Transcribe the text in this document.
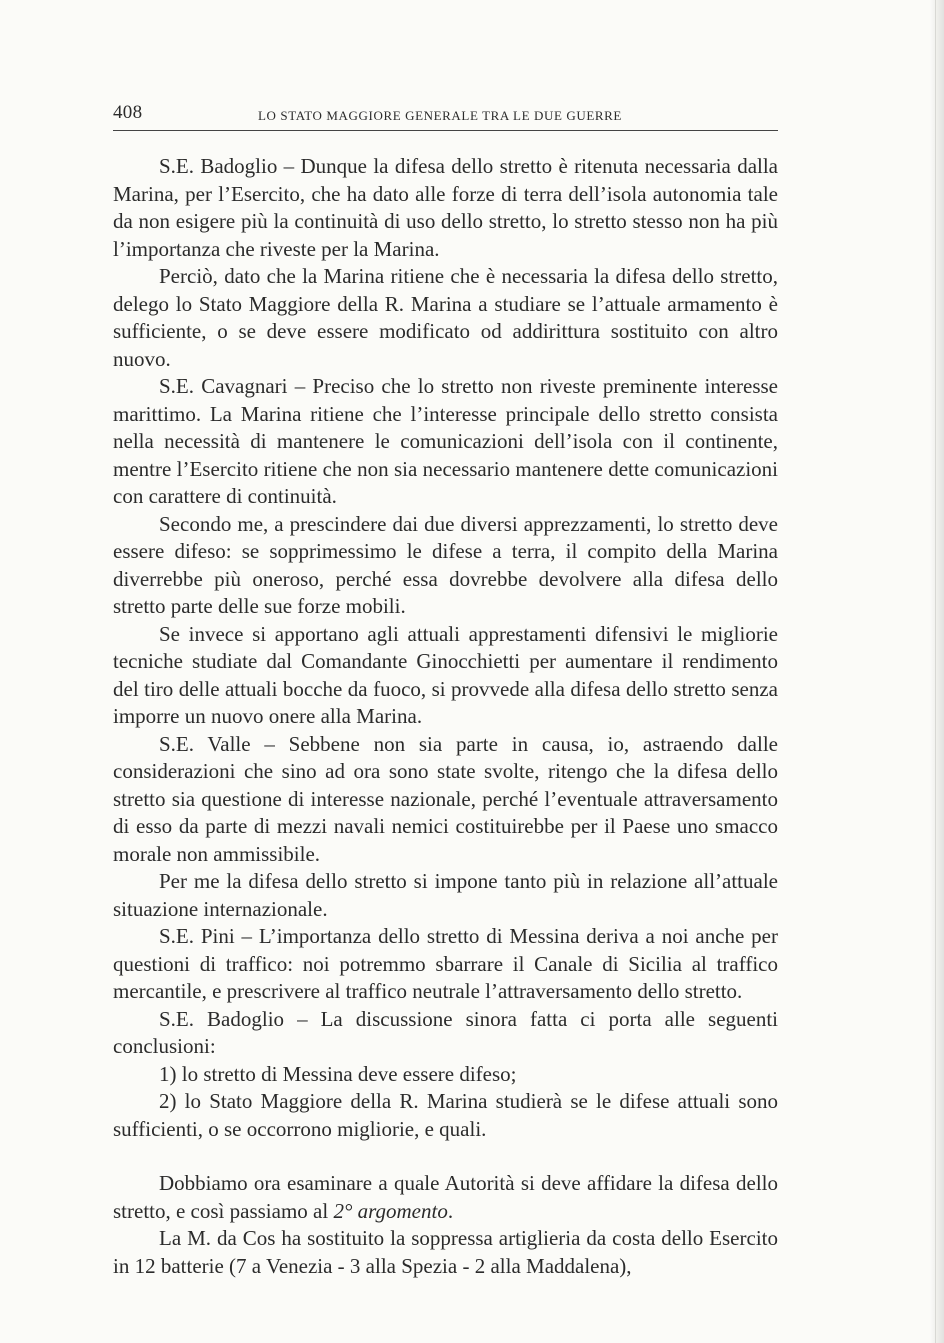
408	LO STATO MAGGIORE GENERALE TRA LE DUE GUERRE

S.E. Badoglio – Dunque la difesa dello stretto è ritenuta necessaria dalla Marina, per l’Esercito, che ha dato alle forze di terra dell’isola autonomia tale da non esigere più la continuità di uso dello stretto, lo stretto stesso non ha più l’importanza che riveste per la Marina.

Perciò, dato che la Marina ritiene che è necessaria la difesa dello stretto, delego lo Stato Maggiore della R. Marina a studiare se l’attuale armamento è sufficiente, o se deve essere modificato od addirittura sostituito con altro nuovo.

S.E. Cavagnari – Preciso che lo stretto non riveste preminente interesse marittimo. La Marina ritiene che l’interesse principale dello stretto consista nella necessità di mantenere le comunicazioni dell’isola con il continente, mentre l’Esercito ritiene che non sia necessario mantenere dette comunicazioni con carattere di continuità.

Secondo me, a prescindere dai due diversi apprezzamenti, lo stretto deve essere difeso: se sopprimessimo le difese a terra, il compito della Marina diverrebbe più oneroso, perché essa dovrebbe devolvere alla difesa dello stretto parte delle sue forze mobili.

Se invece si apportano agli attuali apprestamenti difensivi le migliorie tecniche studiate dal Comandante Ginocchietti per aumentare il rendimento del tiro delle attuali bocche da fuoco, si provvede alla difesa dello stretto senza imporre un nuovo onere alla Marina.

S.E. Valle – Sebbene non sia parte in causa, io, astraendo dalle considerazioni che sino ad ora sono state svolte, ritengo che la difesa dello stretto sia questione di interesse nazionale, perché l’eventuale attraversamento di esso da parte di mezzi navali nemici costituirebbe per il Paese uno smacco morale non ammissibile.

Per me la difesa dello stretto si impone tanto più in relazione all’attuale situazione internazionale.

S.E. Pini – L’importanza dello stretto di Messina deriva a noi anche per questioni di traffico: noi potremmo sbarrare il Canale di Sicilia al traffico mercantile, e prescrivere al traffico neutrale l’attraversamento dello stretto.

S.E. Badoglio – La discussione sinora fatta ci porta alle seguenti conclusioni:

1) lo stretto di Messina deve essere difeso;

2) lo Stato Maggiore della R. Marina studierà se le difese attuali sono sufficienti, o se occorrono migliorie, e quali.

Dobbiamo ora esaminare a quale Autorità si deve affidare la difesa dello stretto, e così passiamo al 2° argomento.

La M. da Cos ha sostituito la soppressa artiglieria da costa dello Esercito in 12 batterie (7 a Venezia - 3 alla Spezia - 2 alla Maddalena),
